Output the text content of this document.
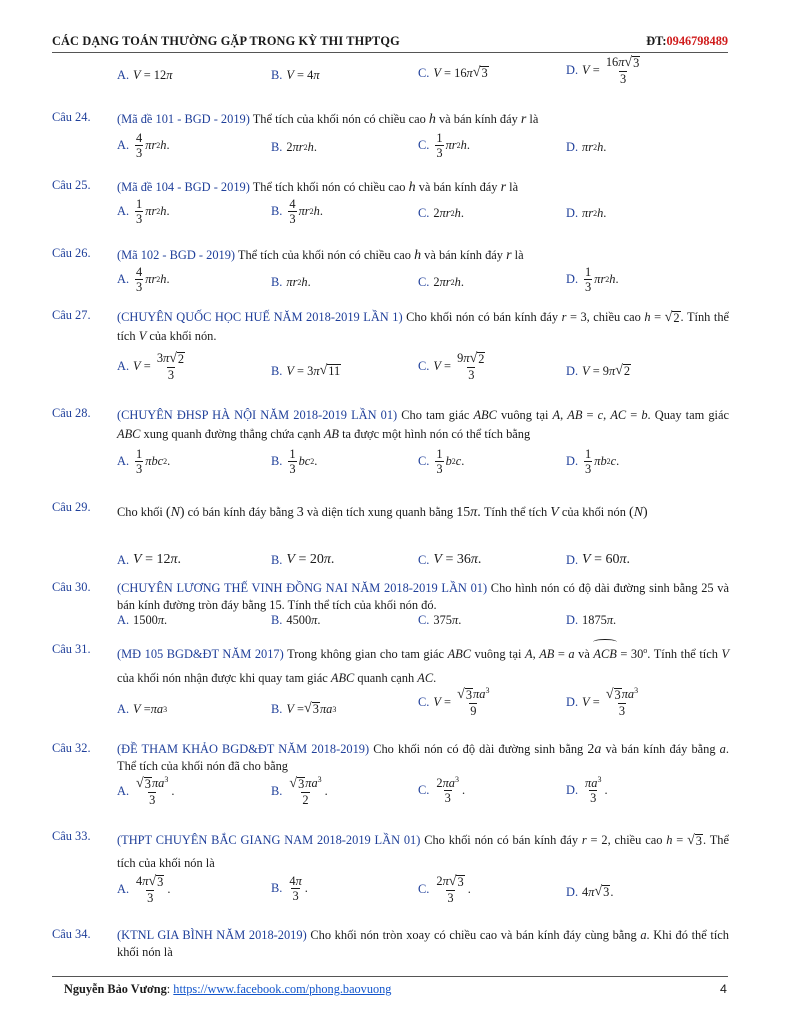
CÁC DẠNG TOÁN THƯỜNG GẶP TRONG KỲ THI THPTQG	ĐT:0946798489
A. V = 12 π	B. V = 4 π	C. V = 16 π √ 3	D. $V = \frac{16\pi √ 3}{3}$
Câu 24. (Mã đề 101 - BGD - 2019) Thể tích của khối nón có chiều cao h và bán kính đáy r là
A. $\frac{4}{3}$ πr 2 h .	B. 2 πr 2 h .	C. $\frac{1}{3}$ πr 2 h .	D. πr 2 h .
Câu 25. (Mã đề 104 - BGD - 2019) Thể tích khối nón có chiều cao h và bán kính đáy r là
A. $\frac{1}{3}$ πr 2 h .	B. $\frac{4}{3}$ πr 2 h .	C. 2 πr 2 h .	D. πr 2 h .
Câu 26. (Mã 102 - BGD - 2019) Thể tích của khối nón có chiều cao h và bán kính đáy r là
A. $\frac{4}{3}$ πr 2 h .	B. πr 2 h .	C. 2 πr 2 h .	D. $\frac{1}{3}$ πr 2 h .
Câu 27. (CHUYÊN QUỐC HỌC HUẾ NĂM 2018-2019 LẦN 1) Cho khối nón có bán kính đáy r = 3, chiều cao h = √ 2 . Tính thể tích V của khối nón.
A. $V = \frac{3\pi √ 2}{3}$	B. V = 3 π √ 11	C. $V = \frac{9\pi √ 2}{3}$	D. V = 9 π √ 2
Câu 28. (CHUYÊN ĐHSP HÀ NỘI NĂM 2018-2019 LẦN 01) Cho tam giác ABC vuông tại A, AB = c, AC = b. Quay tam giác ABC xung quanh đường thẳng chứa cạnh AB ta được một hình nón có thể tích bằng
A. $\frac{1}{3}$ πbc 2 .	B. $\frac{1}{3}$ bc 2 .	C. $\frac{1}{3}$ b 2 c .	D. $\frac{1}{3}$ πb 2 c .
Câu 29. Cho khối (N) có bán kính đáy bằng 3 và diện tích xung quanh bằng 15π. Tính thể tích V của khối nón (N)
A. V = 12 π .	B. V = 20 π .	C. V = 36 π .	D. V = 60 π .
Câu 30. (CHUYÊN LƯƠNG THẾ VINH ĐỒNG NAI NĂM 2018-2019 LẦN 01) Cho hình nón có độ dài đường sinh bằng 25 và bán kính đường tròn đáy bằng 15. Tính thể tích của khối nón đó.
A. 1500 π .	B. 4500 π .	C. 375 π .	D. 1875 π .
Câu 31. (MĐ 105 BGD&ĐT NĂM 2017) Trong không gian cho tam giác ABC vuông tại A, AB = a và ACB = $30^o$. Tính thể tích V của khối nón nhận được khi quay tam giác ABC quanh cạnh AC.
A. V = πa 3	B. V = √ 3 πa 3	C. $V = \frac{√ 3 \pi a^3}{9}$	D. $V = \frac{√ 3 \pi a^3}{3}$
Câu 32. (ĐỀ THAM KHẢO BGD&ĐT NĂM 2018-2019) Cho khối nón có độ dài đường sinh bằng 2a và bán kính đáy bằng a. Thể tích của khối nón đã cho bằng
A. $\frac{√ 3 \pi a^3}{3}$ .	B. $\frac{√ 3 \pi a^3}{2}$ .	C. $\frac{2\pi a^3}{3}$ .	D. $\frac{\pi a^3}{3}$ .
Câu 33. (THPT CHUYÊN BẮC GIANG NAM 2018-2019 LẦN 01) Cho khối nón có bán kính đáy r = 2, chiều cao h = √ 3 . Thể tích của khối nón là
A. $\frac{4\pi √ 3}{3}$ .	B. $\frac{4\pi}{3}$ .	C. $\frac{2\pi √ 3}{3}$ .	D. 4 π √ 3 .
Câu 34. (KTNL GIA BÌNH NĂM 2018-2019) Cho khối nón tròn xoay có chiều cao và bán kính đáy cùng bằng a. Khi đó thể tích khối nón là
Nguyễn Bảo Vương: https://www.facebook.com/phong.baovuong	4
